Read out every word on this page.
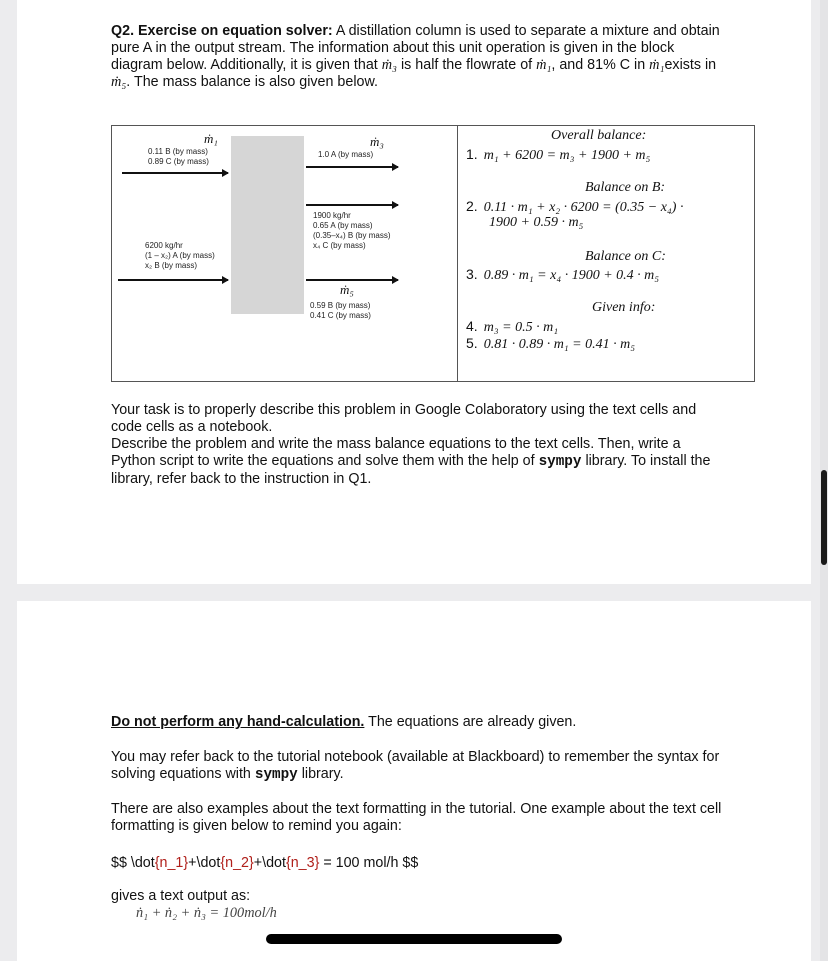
Q2. Exercise on equation solver: A distillation column is used to separate a mixture and obtain pure A in the output stream. The information about this unit operation is given in the block diagram below. Additionally, it is given that ṁ₃ is half the flowrate of ṁ₁, and 81% C in ṁ₁exists in ṁ₅. The mass balance is also given below.
ṁ₁
0.11 B (by mass)
0.89 C (by mass)
6200 kg/hr
(1 – x₂) A (by mass)
x₂ B (by mass)
ṁ₃
1.0 A (by mass)
1900 kg/hr
0.65 A (by mass)
(0.35–x₄) B (by mass)
x₄ C (by mass)
ṁ₅
0.59 B (by mass)
0.41 C (by mass)
Overall balance:
1. m₁ + 6200 = m₃ + 1900 + m₅
Balance on B:
2. 0.11 · m₁ + x₂ · 6200 = (0.35 − x₄) ·
1900 + 0.59 · m₅
Balance on C:
3. 0.89 · m₁ = x₄ · 1900 + 0.4 · m₅
Given info:
4. m₃ = 0.5 · m₁
5. 0.81 · 0.89 · m₁ = 0.41 · m₅
Your task is to properly describe this problem in Google Colaboratory using the text cells and code cells as a notebook.
Describe the problem and write the mass balance equations to the text cells. Then, write a Python script to write the equations and solve them with the help of sympy library. To install the library, refer back to the instruction in Q1.
Do not perform any hand-calculation. The equations are already given.
You may refer back to the tutorial notebook (available at Blackboard) to remember the syntax for solving equations with sympy library.
There are also examples about the text formatting in the tutorial. One example about the text cell formatting is given below to remind you again:
$$ \dot{n_1}+\dot{n_2}+\dot{n_3} = 100 mol/h $$
gives a text output as:
ṅ₁ + ṅ₂ + ṅ₃ = 100mol/h
